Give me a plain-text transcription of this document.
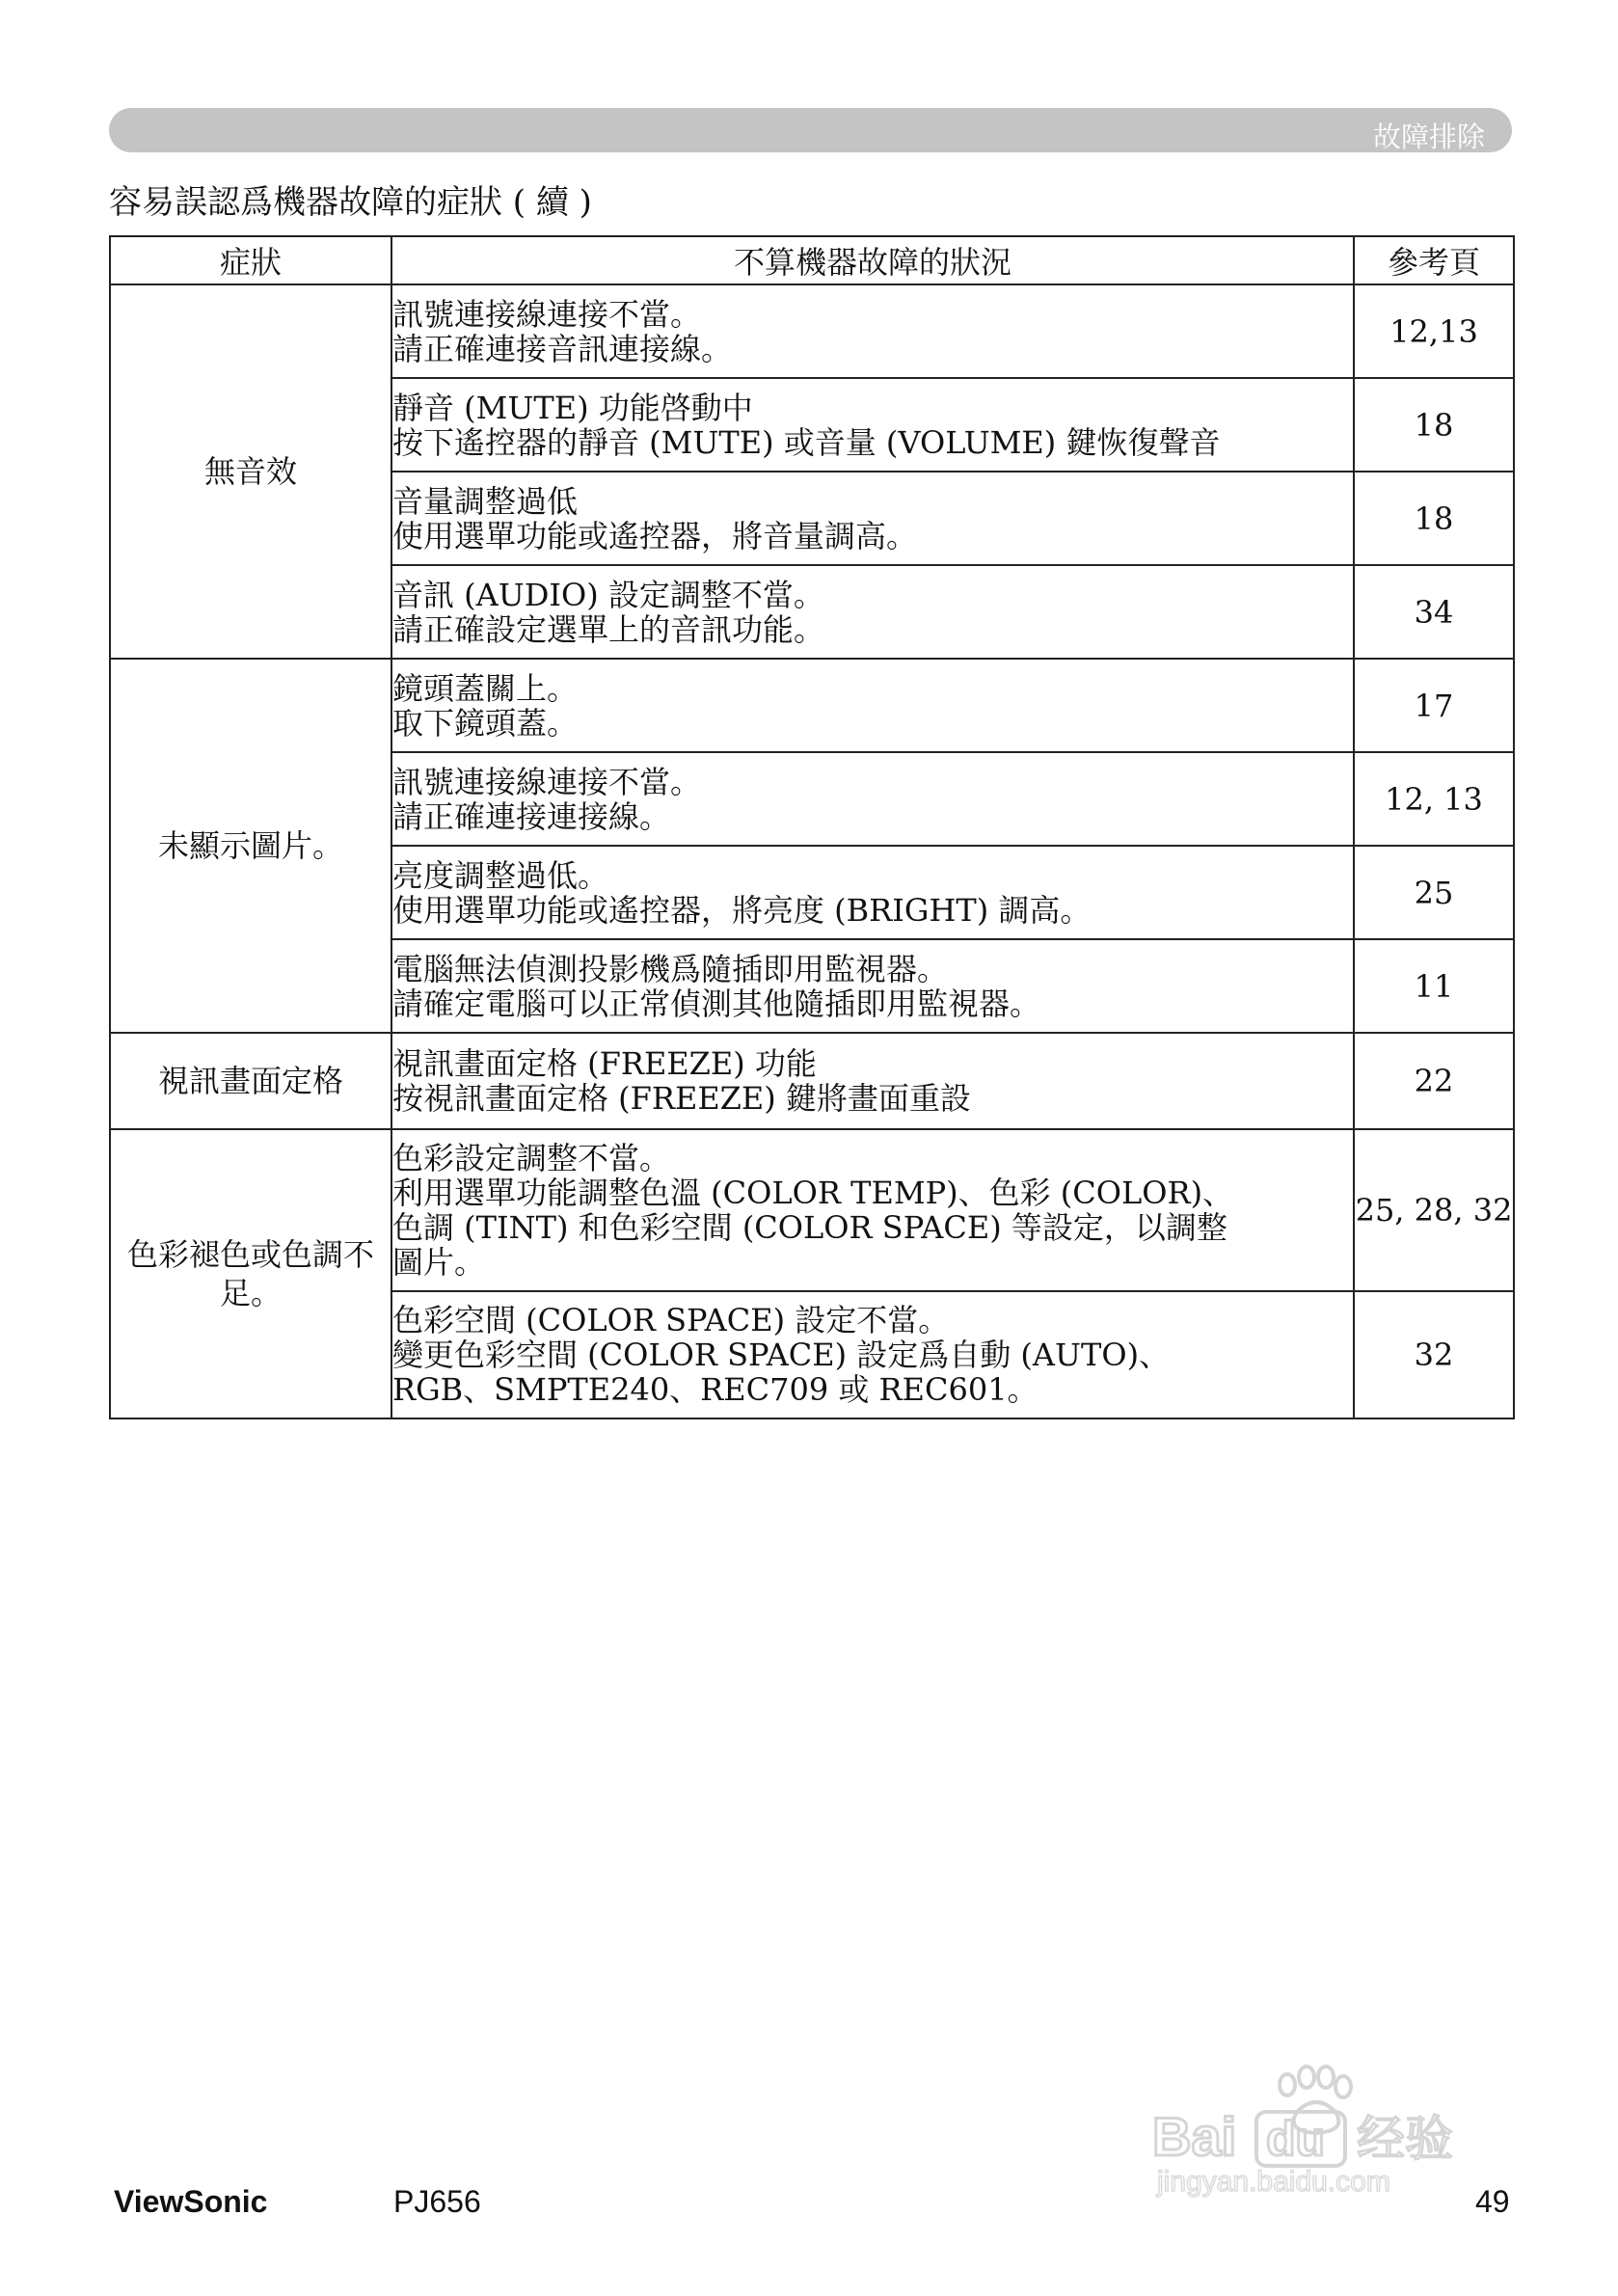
故障排除
容易誤認爲機器故障的症狀 ( 續 )
症狀	不算機器故障的狀況	參考頁
無音效	訊號連接線連接不當。
請正確連接音訊連接線。	12,13

	靜音 (MUTE) 功能啓動中
按下遙控器的靜音 (MUTE) 或音量 (VOLUME) 鍵恢復聲音	18

	音量調整過低
使用選單功能或遙控器，將音量調高。	18

	音訊 (AUDIO) 設定調整不當。
請正確設定選單上的音訊功能。	34
未顯示圖片。	鏡頭蓋關上。
取下鏡頭蓋。	17

	訊號連接線連接不當。
請正確連接連接線。	12, 13

	亮度調整過低。
使用選單功能或遙控器，將亮度 (BRIGHT) 調高。	25

	電腦無法偵測投影機爲隨插即用監視器。
請確定電腦可以正常偵測其他隨插即用監視器。	11
視訊畫面定格	視訊畫面定格 (FREEZE) 功能
按視訊畫面定格 (FREEZE) 鍵將畫面重設	22
色彩褪色或色調不足。	色彩設定調整不當。
利用選單功能調整色溫 (COLOR TEMP)、色彩 (COLOR)、
色調 (TINT) 和色彩空間 (COLOR SPACE) 等設定，以調整
圖片。	25, 28, 32

	色彩空間 (COLOR SPACE) 設定不當。
變更色彩空間 (COLOR SPACE) 設定爲自動 (AUTO)、
RGB、SMPTE240、REC709 或 REC601。	32
Bai du 经验
jingyan.baidu.com
ViewSonic	PJ656	49
